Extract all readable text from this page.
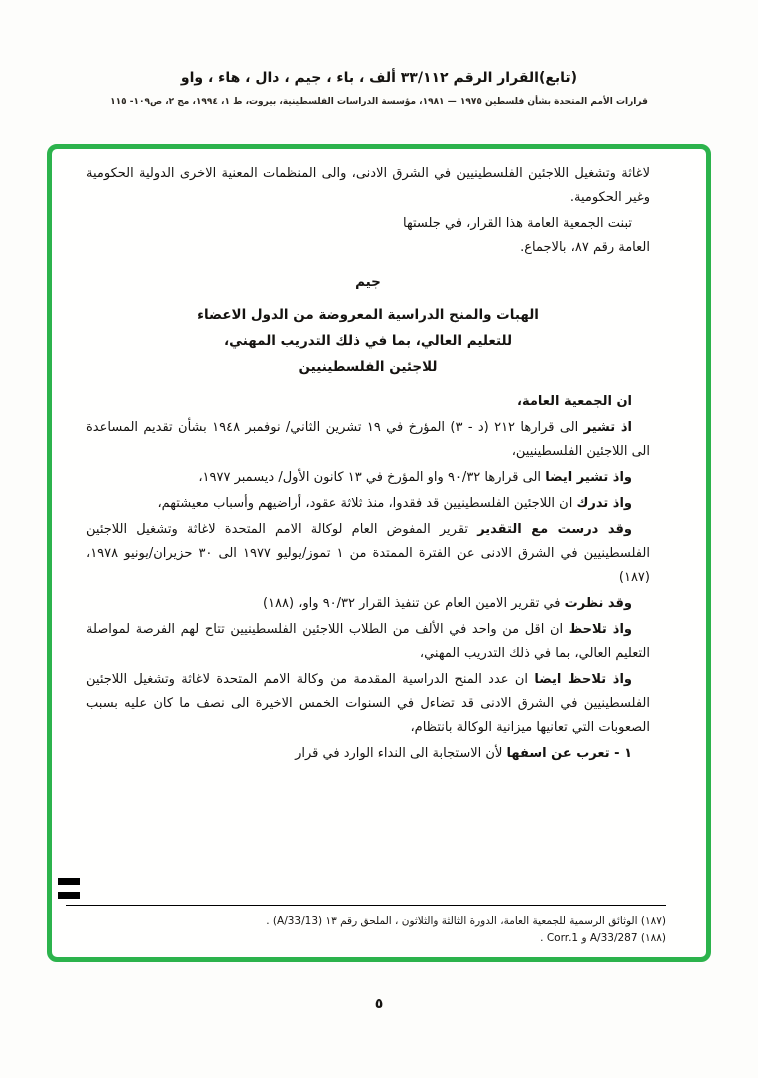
(تابع)القرار الرقم ٣٣/١١٢ ألف ، باء ، جيم ، دال ، هاء ، واو
قرارات الأمم المتحدة بشأن فلسطين ١٩٧٥ — ١٩٨١، مؤسسة الدراسات الفلسطينية، بيروت، ط ١، ١٩٩٤، مج ٢، ص١٠٩- ١١٥

لاغاثة وتشغيل اللاجئين الفلسطينيين في الشرق الادنى، والى المنظمات المعنية الاخرى الدولية الحكومية وغير الحكومية.

تبنت الجمعية العامة هذا القرار، في جلستها العامة رقم ٨٧، بالاجماع.

جيم
الهبات والمنح الدراسية المعروضة من الدول الاعضاء
للتعليم العالي، بما في ذلك التدريب المهني،
للاجئين الفلسطينيين

ان الجمعية العامة،

اذ تشير الى قرارها ٢١٢ (د - ٣) المؤرخ في ١٩ تشرين الثاني/ نوفمبر ١٩٤٨ بشأن تقديم المساعدة الى اللاجئين الفلسطينيين،

واذ تشير ايضا الى قرارها ٩٠/٣٢ واو المؤرخ في ١٣ كانون الأول/ ديسمبر ١٩٧٧،

واذ تدرك ان اللاجئين الفلسطينيين قد فقدوا، منذ ثلاثة عقود، أراضيهم وأسباب معيشتهم،

وقد درست مع التقدير تقرير المفوض العام لوكالة الامم المتحدة لاغاثة وتشغيل اللاجئين الفلسطينيين في الشرق الادنى عن الفترة الممتدة من ١ تموز/يوليو ١٩٧٧ الى ٣٠ حزيران/يونيو ١٩٧٨، (١٨٧)

وقد نظرت في تقرير الامين العام عن تنفيذ القرار ٩٠/٣٢ واو، (١٨٨)

واذ تلاحظ ان اقل من واحد في الألف من الطلاب اللاجئين الفلسطينيين تتاح لهم الفرصة لمواصلة التعليم العالي، بما في ذلك التدريب المهني،

واذ تلاحظ ايضا ان عدد المنح الدراسية المقدمة من وكالة الامم المتحدة لاغاثة وتشغيل اللاجئين الفلسطينيين في الشرق الادنى قد تضاءل في السنوات الخمس الاخيرة الى نصف ما كان عليه بسبب الصعوبات التي تعانيها ميزانية الوكالة بانتظام،

١ - تعرب عن اسفها لأن الاستجابة الى النداء الوارد في قرار

(١٨٧) الوثائق الرسمية للجمعية العامة، الدورة الثالثة والثلاثون ، الملحق رقم ١٣ (A/33/13) .
(١٨٨) A/33/287 و Corr.1 .
٥
